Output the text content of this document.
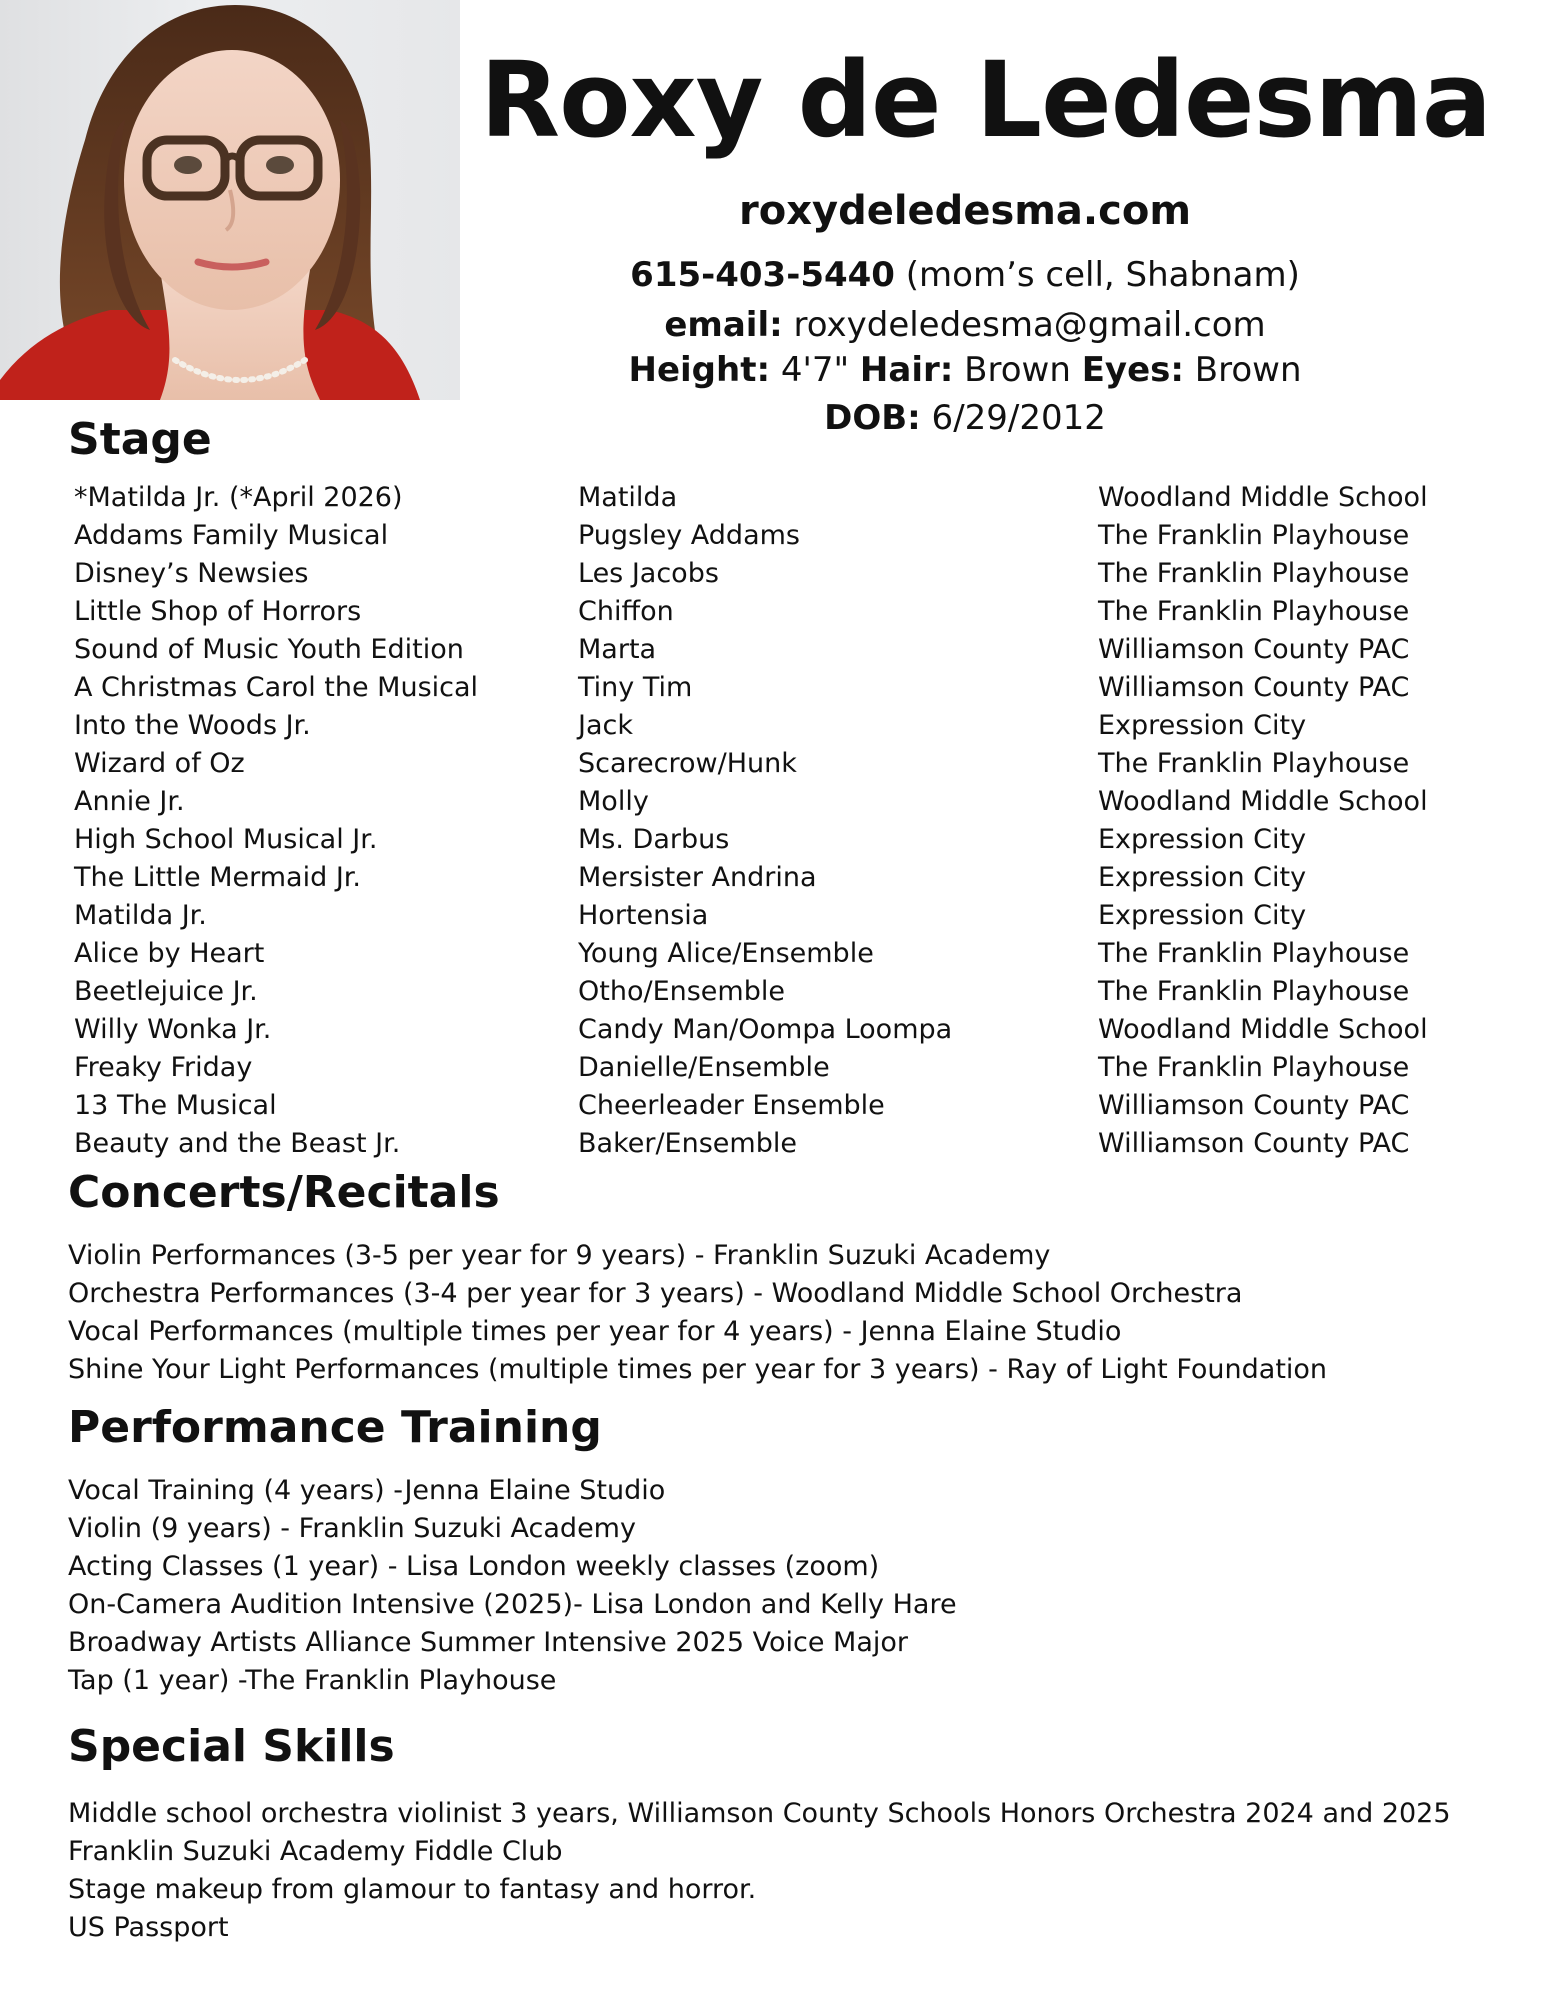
Roxy de Ledesma
roxydeledesma.com
615-403-5440 (mom’s cell, Shabnam)
email: roxydeledesma@gmail.com
Height: 4'7" Hair: Brown Eyes: Brown
DOB: 6/29/2012
Stage
*Matilda Jr. (*April 2026)	Matilda	Woodland Middle School
Addams Family Musical	Pugsley Addams	The Franklin Playhouse
Disney’s Newsies	Les Jacobs	The Franklin Playhouse
Little Shop of Horrors	Chiffon	The Franklin Playhouse
Sound of Music Youth Edition	Marta	Williamson County PAC
A Christmas Carol the Musical	Tiny Tim	Williamson County PAC
Into the Woods Jr.	Jack	Expression City
Wizard of Oz	Scarecrow/Hunk	The Franklin Playhouse
Annie Jr.	Molly	Woodland Middle School
High School Musical Jr.	Ms. Darbus	Expression City
The Little Mermaid Jr.	Mersister Andrina	Expression City
Matilda Jr.	Hortensia	Expression City
Alice by Heart	Young Alice/Ensemble	The Franklin Playhouse
Beetlejuice Jr.	Otho/Ensemble	The Franklin Playhouse
Willy Wonka Jr.	Candy Man/Oompa Loompa	Woodland Middle School
Freaky Friday	Danielle/Ensemble	The Franklin Playhouse
13 The Musical	Cheerleader Ensemble	Williamson County PAC
Beauty and the Beast Jr.	Baker/Ensemble	Williamson County PAC
Concerts/Recitals
Violin Performances (3-5 per year for 9 years) - Franklin Suzuki Academy
Orchestra Performances (3-4 per year for 3 years) - Woodland Middle School Orchestra
Vocal Performances (multiple times per year for 4 years) - Jenna Elaine Studio
Shine Your Light Performances (multiple times per year for 3 years) - Ray of Light Foundation
Performance Training
Vocal Training (4 years) -Jenna Elaine Studio
Violin (9 years) - Franklin Suzuki Academy
Acting Classes (1 year) - Lisa London weekly classes (zoom)
On-Camera Audition Intensive (2025)- Lisa London and Kelly Hare
Broadway Artists Alliance Summer Intensive 2025 Voice Major
Tap (1 year) -The Franklin Playhouse
Special Skills
Middle school orchestra violinist 3 years, Williamson County Schools Honors Orchestra 2024 and 2025
Franklin Suzuki Academy Fiddle Club
Stage makeup from glamour to fantasy and horror.
US Passport
